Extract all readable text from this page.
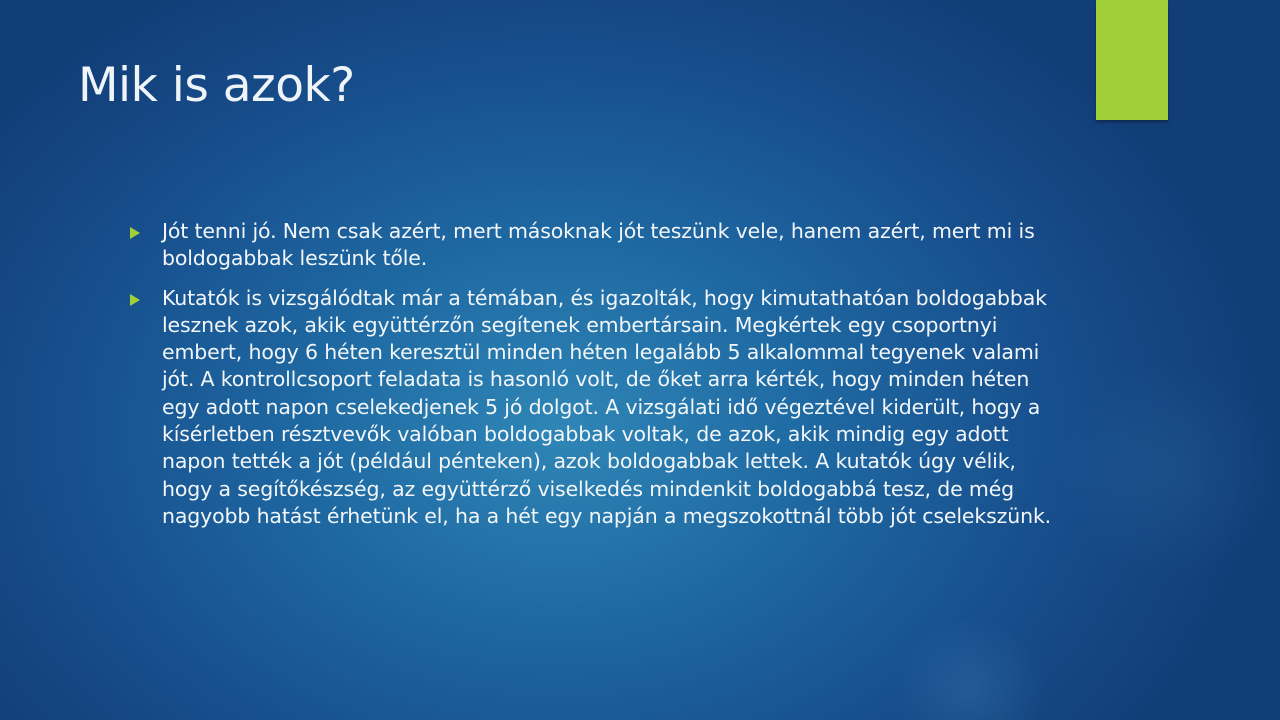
Mik is azok?
Jót tenni jó. Nem csak azért, mert másoknak jót teszünk vele, hanem azért, mert mi is boldogabbak leszünk tőle.
Kutatók is vizsgálódtak már a témában, és igazolták, hogy kimutathatóan boldogabbak lesznek azok, akik együttérzőn segítenek embertársain. Megkértek egy csoportnyi embert, hogy 6 héten keresztül minden héten legalább 5 alkalommal tegyenek valami jót. A kontrollcsoport feladata is hasonló volt, de őket arra kérték, hogy minden héten egy adott napon cselekedjenek 5 jó dolgot. A vizsgálati idő végeztével kiderült, hogy a kísérletben résztvevők valóban boldogabbak voltak, de azok, akik mindig egy adott napon tették a jót (például pénteken), azok boldogabbak lettek. A kutatók úgy vélik, hogy a segítőkészség, az együttérző viselkedés mindenkit boldogabbá tesz, de még nagyobb hatást érhetünk el, ha a hét egy napján a megszokottnál több jót cselekszünk.
